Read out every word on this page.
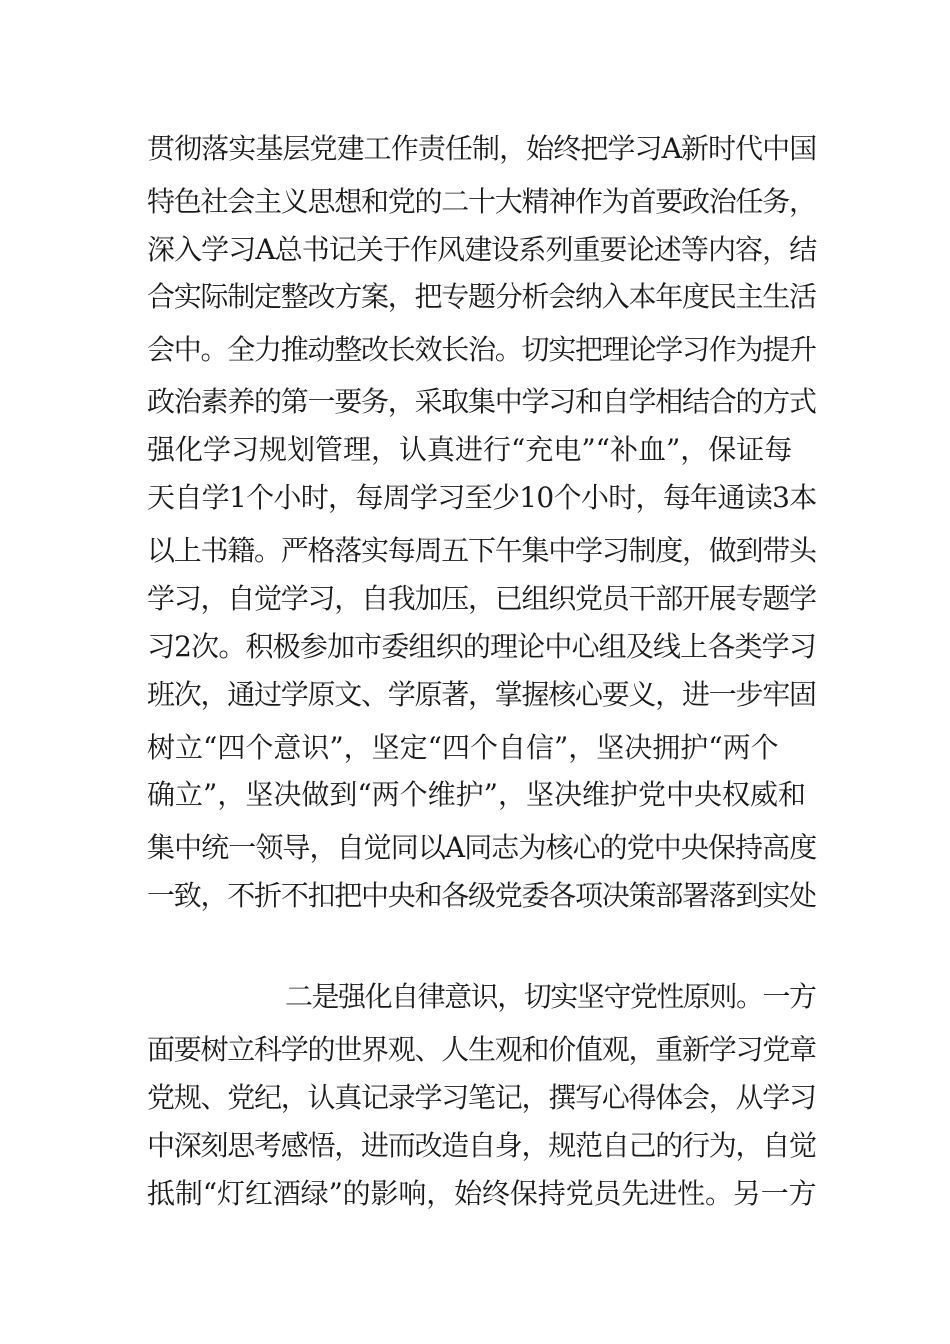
贯彻落实基层党建工作责任制，始终把学习A新时代中国
特色社会主义思想和党的二十大精神作为首要政治任务，
深入学习A总书记关于作风建设系列重要论述等内容，结
合实际制定整改方案，把专题分析会纳入本年度民主生活
会中。全力推动整改长效长治。切实把理论学习作为提升
政治素养的第一要务，采取集中学习和自学相结合的方式
强化学习规划管理，认真进行“充电”“补血”，保证每
天自学1个小时，每周学习至少10个小时，每年通读3本
以上书籍。严格落实每周五下午集中学习制度，做到带头
学习，自觉学习，自我加压，已组织党员干部开展专题学
习2次。积极参加市委组织的理论中心组及线上各类学习
班次，通过学原文、学原著，掌握核心要义，进一步牢固
树立“四个意识”，坚定“四个自信”，坚决拥护“两个
确立”，坚决做到“两个维护”，坚决维护党中央权威和
集中统一领导，自觉同以A同志为核心的党中央保持高度
一致，不折不扣把中央和各级党委各项决策部署落到实处
二是强化自律意识，切实坚守党性原则。一方
面要树立科学的世界观、人生观和价值观，重新学习党章
党规、党纪，认真记录学习笔记，撰写心得体会，从学习
中深刻思考感悟，进而改造自身，规范自己的行为，自觉
抵制“灯红酒绿”的影响，始终保持党员先进性。另一方
